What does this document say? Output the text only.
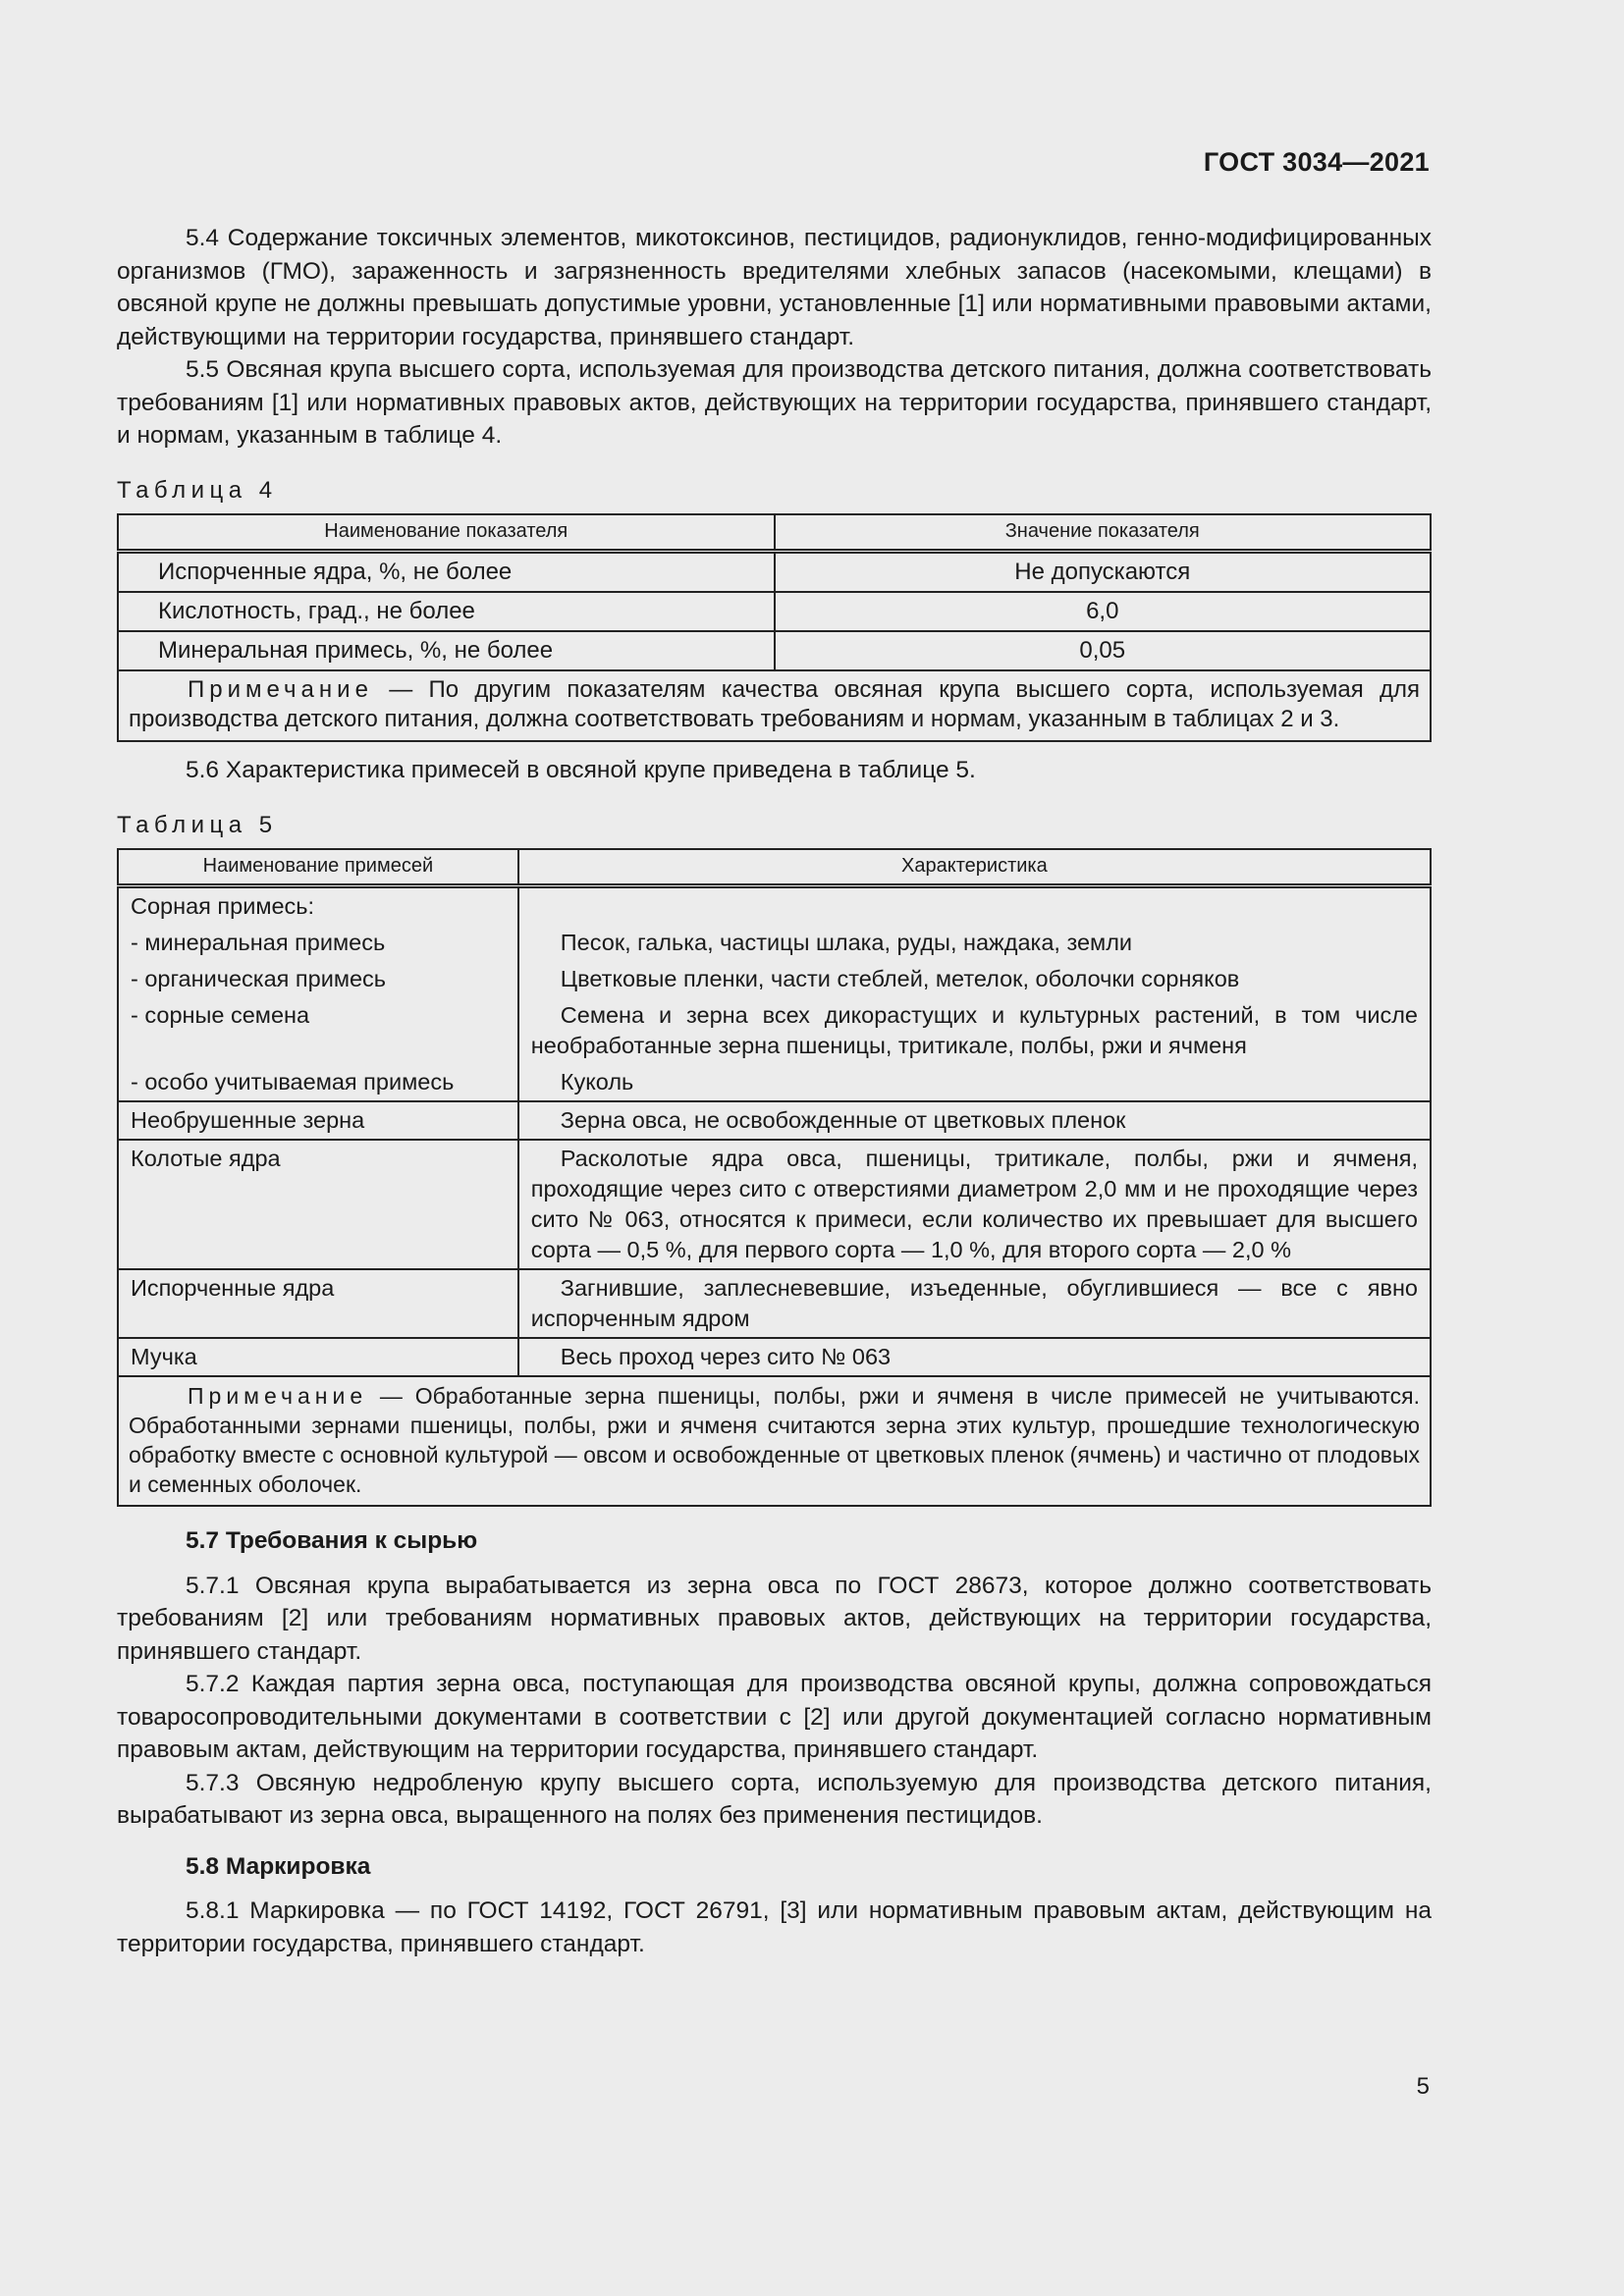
ГОСТ 3034—2021

5.4 Содержание токсичных элементов, микотоксинов, пестицидов, радионуклидов, генно-модифицированных организмов (ГМО), зараженность и загрязненность вредителями хлебных запасов (насекомыми, клещами) в овсяной крупе не должны превышать допустимые уровни, установленные [1] или нормативными правовыми актами, действующими на территории государства, принявшего стандарт.

5.5 Овсяная крупа высшего сорта, используемая для производства детского питания, должна соответствовать требованиям [1] или нормативных правовых актов, действующих на территории государства, принявшего стандарт, и нормам, указанным в таблице 4.

Таблица 4
Наименование показателя	Значение показателя
Испорченные ядра, %, не более	Не допускаются
Кислотность, град., не более	6,0
Минеральная примесь, %, не более	0,05
Примечание — По другим показателям качества овсяная крупа высшего сорта, используемая для производства детского питания, должна соответствовать требованиям и нормам, указанным в таблицах 2 и 3.	

5.6 Характеристика примесей в овсяной крупе приведена в таблице 5.

Таблица 5
Наименование примесей	Характеристика
Сорная примесь:	
- минеральная примесь	Песок, галька, частицы шлака, руды, наждака, земли
- органическая примесь	Цветковые пленки, части стеблей, метелок, оболочки сорняков
- сорные семена	Семена и зерна всех дикорастущих и культурных растений, в том числе необработанные зерна пшеницы, тритикале, полбы, ржи и ячменя
- особо учитываемая примесь	Куколь
Необрушенные зерна	Зерна овса, не освобожденные от цветковых пленок
Колотые ядра	Расколотые ядра овса, пшеницы, тритикале, полбы, ржи и ячменя, проходящие через сито с отверстиями диаметром 2,0 мм и не проходящие через сито № 063, относятся к примеси, если количество их превышает для высшего сорта — 0,5 %, для первого сорта — 1,0 %, для второго сорта — 2,0 %
Испорченные ядра	Загнившие, заплесневевшие, изъеденные, обуглившиеся — все с явно испорченным ядром
Мучка	Весь проход через сито № 063
Примечание — Обработанные зерна пшеницы, полбы, ржи и ячменя в числе примесей не учитываются. Обработанными зернами пшеницы, полбы, ржи и ячменя считаются зерна этих культур, прошедшие технологическую обработку вместе с основной культурой — овсом и освобожденные от цветковых пленок (ячмень) и частично от плодовых и семенных оболочек.	
5.7 Требования к сырью

5.7.1 Овсяная крупа вырабатывается из зерна овса по ГОСТ 28673, которое должно соответствовать требованиям [2] или требованиям нормативных правовых актов, действующих на территории государства, принявшего стандарт.

5.7.2 Каждая партия зерна овса, поступающая для производства овсяной крупы, должна сопровождаться товаросопроводительными документами в соответствии с [2] или другой документацией согласно нормативным правовым актам, действующим на территории государства, принявшего стандарт.

5.7.3 Овсяную недробленую крупу высшего сорта, используемую для производства детского питания, вырабатывают из зерна овса, выращенного на полях без применения пестицидов.

5.8 Маркировка

5.8.1 Маркировка — по ГОСТ 14192, ГОСТ 26791, [3] или нормативным правовым актам, действующим на территории государства, принявшего стандарт.

5
